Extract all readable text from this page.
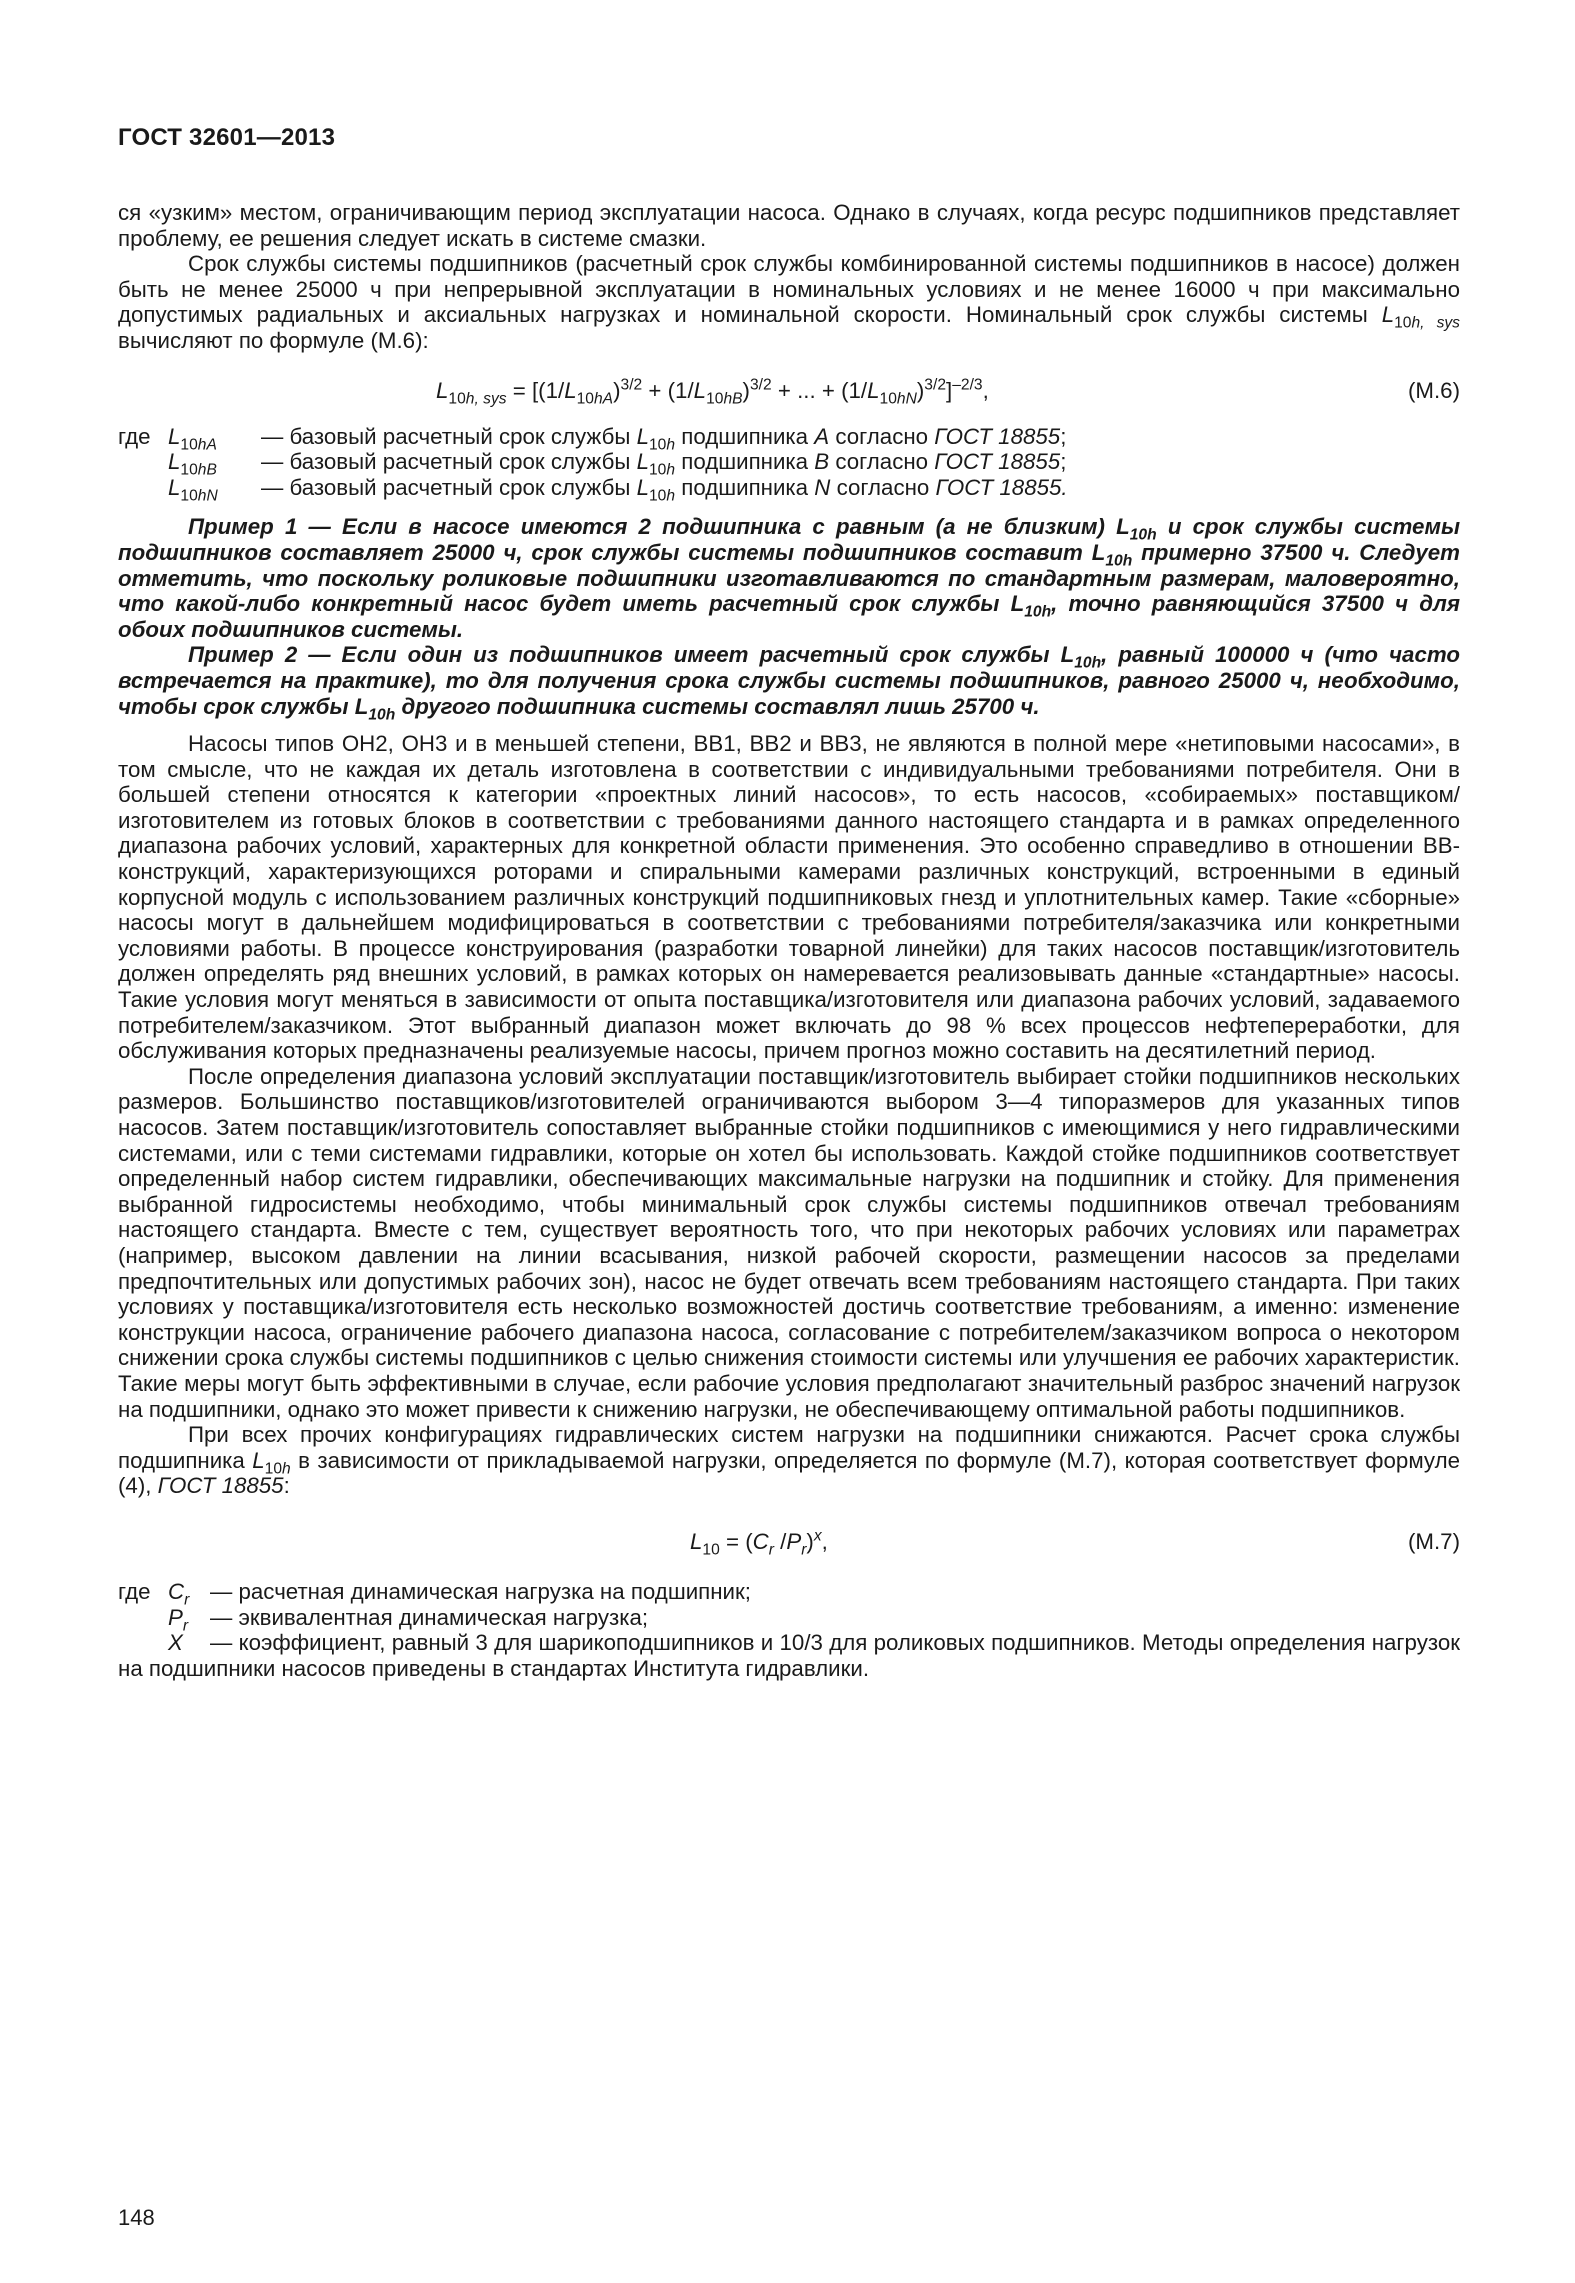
ГОСТ 32601—2013

ся «узким» местом, ограничивающим период эксплуатации насоса. Однако в случаях, когда ресурс подшипников представляет проблему, ее решения следует искать в системе смазки.

Срок службы системы подшипников (расчетный срок службы комбинированной системы подшипников в насосе) должен быть не менее 25000 ч при непрерывной эксплуатации в номинальных условиях и не менее 16000 ч при максимально допустимых радиальных и аксиальных нагрузках и номинальной скорости. Номинальный срок службы системы $L_{10h, sys}$ вычисляют по формуле (М.6):

$L_{10h, sys} = [(1/L_{10hA})^{3/2} + (1/L_{10hB})^{3/2}$ + ... + $(1/L_{10hN})^{3/2}]^{-2/3}$,	(М.6)
где $L_{10hA}$	— базовый расчетный срок службы $L_{10h}$ подшипника A согласно ГОСТ 18855;
$L_{10hB}$	— базовый расчетный срок службы $L_{10h}$ подшипника B согласно ГОСТ 18855;
$L_{10hN}$	— базовый расчетный срок службы $L_{10h}$ подшипника N согласно ГОСТ 18855.

Пример 1 — Если в насосе имеются 2 подшипника с равным (а не близким) $L_{10h}$ и срок службы системы подшипников составляет 25000 ч, срок службы системы подшипников составит $L_{10h}$ примерно 37500 ч. Следует отметить, что поскольку роликовые подшипники изготавливаются по стандартным размерам, маловероятно, что какой-либо конкретный насос будет иметь расчетный срок службы $L_{10h}$, точно равняющийся 37500 ч для обоих подшипников системы.

Пример 2 — Если один из подшипников имеет расчетный срок службы $L_{10h}$, равный 100000 ч (что часто встречается на практике), то для получения срока службы системы подшипников, равного 25000 ч, необходимо, чтобы срок службы $L_{10h}$ другого подшипника системы составлял лишь 25700 ч.

Насосы типов ОН2, ОН3 и в меньшей степени, ВВ1, ВВ2 и ВВ3, не являются в полной мере «нетиповыми насосами», в том смысле, что не каждая их деталь изготовлена в соответствии с индивидуальными требованиями потребителя. Они в большей степени относятся к категории «проектных линий насосов», то есть насосов, «собираемых» поставщиком/изготовителем из готовых блоков в соответствии с требованиями данного настоящего стандарта и в рамках определенного диапазона рабочих условий, характерных для конкретной области применения. Это особенно справедливо в отношении ВВ-конструкций, характеризующихся роторами и спиральными камерами различных конструкций, встроенными в единый корпусной модуль с использованием различных конструкций подшипниковых гнезд и уплотнительных камер. Такие «сборные» насосы могут в дальнейшем модифицироваться в соответствии с требованиями потребителя/заказчика или конкретными условиями работы. В процессе конструирования (разработки товарной линейки) для таких насосов поставщик/изготовитель должен определять ряд внешних условий, в рамках которых он намеревается реализовывать данные «стандартные» насосы. Такие условия могут меняться в зависимости от опыта поставщика/изготовителя или диапазона рабочих условий, задаваемого потребителем/заказчиком. Этот выбранный диапазон может включать до 98 % всех процессов нефтепереработки, для обслуживания которых предназначены реализуемые насосы, причем прогноз можно составить на десятилетний период.

После определения диапазона условий эксплуатации поставщик/изготовитель выбирает стойки подшипников нескольких размеров. Большинство поставщиков/изготовителей ограничиваются выбором 3—4 типоразмеров для указанных типов насосов. Затем поставщик/изготовитель сопоставляет выбранные стойки подшипников с имеющимися у него гидравлическими системами, или с теми системами гидравлики, которые он хотел бы использовать. Каждой стойке подшипников соответствует определенный набор систем гидравлики, обеспечивающих максимальные нагрузки на подшипник и стойку. Для применения выбранной гидросистемы необходимо, чтобы минимальный срок службы системы подшипников отвечал требованиям настоящего стандарта. Вместе с тем, существует вероятность того, что при некоторых рабочих условиях или параметрах (например, высоком давлении на линии всасывания, низкой рабочей скорости, размещении насосов за пределами предпочтительных или допустимых рабочих зон), насос не будет отвечать всем требованиям настоящего стандарта. При таких условиях у поставщика/изготовителя есть несколько возможностей достичь соответствие требованиям, а именно: изменение конструкции насоса, ограничение рабочего диапазона насоса, согласование с потребителем/заказчиком вопроса о некотором снижении срока службы системы подшипников с целью снижения стоимости системы или улучшения ее рабочих характеристик. Такие меры могут быть эффективными в случае, если рабочие условия предполагают значительный разброс значений нагрузок на подшипники, однако это может привести к снижению нагрузки, не обеспечивающему оптимальной работы подшипников.

При всех прочих конфигурациях гидравлических систем нагрузки на подшипники снижаются. Расчет срока службы подшипника $L_{10h}$ в зависимости от прикладываемой нагрузки, определяется по формуле (М.7), которая соответствует формуле (4), ГОСТ 18855:

$L_{10} = (C_r$ $/P_r)^x$,	(М.7)
где $C_r$ — расчетная динамическая нагрузка на подшипник;
$P_r$ — эквивалентная динамическая нагрузка;

X — коэффициент, равный 3 для шарикоподшипников и 10/3 для роликовых подшипников. Методы определения нагрузок на подшипники насосов приведены в стандартах Института гидравлики.

148
